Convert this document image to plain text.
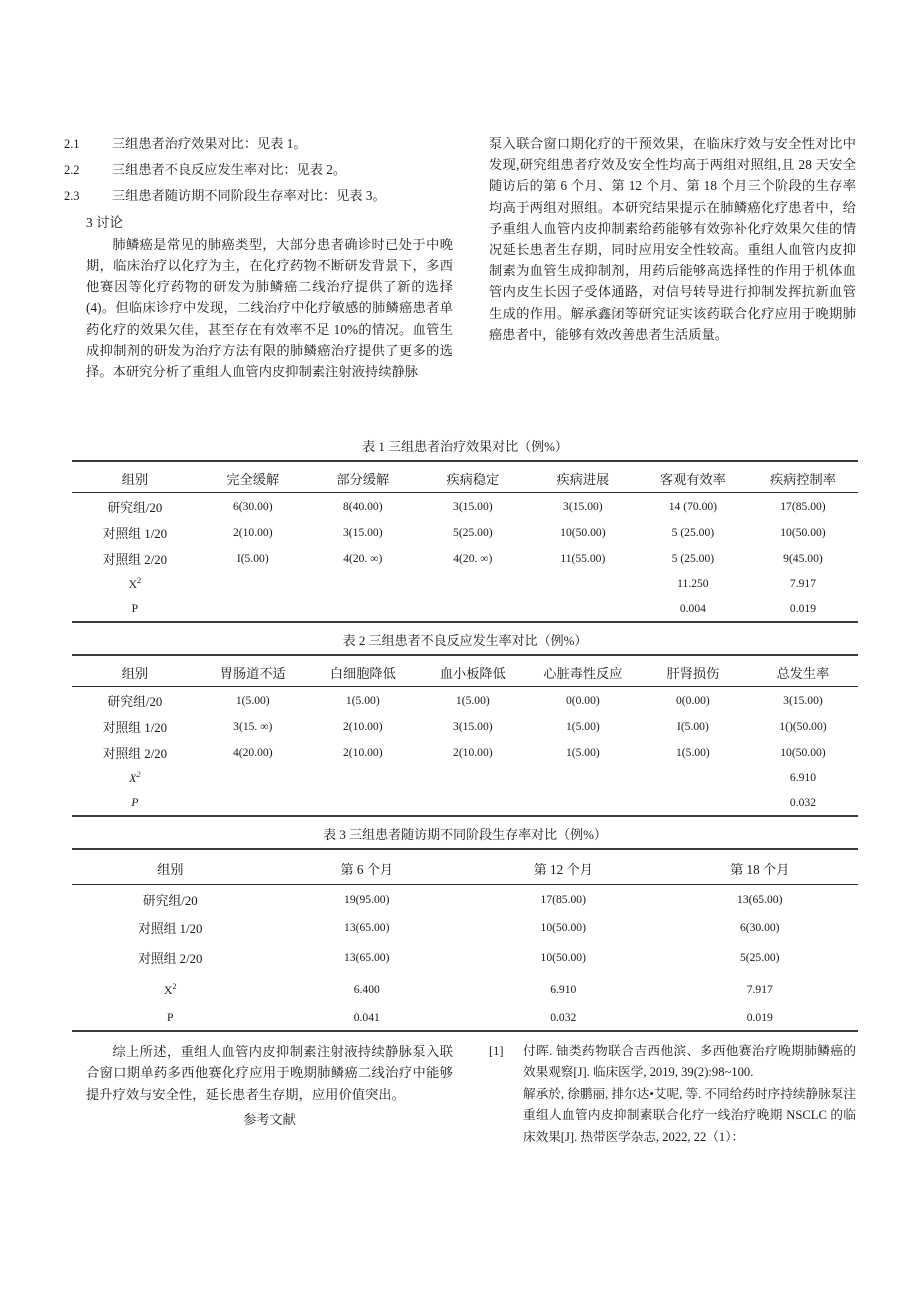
2.1 三组患者治疗效果对比：见表 1。
2.2 三组患者不良反应发生率对比：见表 2。
2.3 三组患者随访期不同阶段生存率对比：见表 3。
3 讨论

肺鳞癌是常见的肺癌类型，大部分患者确诊时已处于中晚期，临床治疗以化疗为主，在化疗药物不断研发背景下，多西他赛因等化疗药物的研发为肺鳞癌二线治疗提供了新的选择(4)。但临床诊疗中发现，二线治疗中化疗敏感的肺鳞癌患者单药化疗的效果欠佳，甚至存在有效率不足 10%的情况。血管生成抑制剂的研发为治疗方法有限的肺鳞癌治疗提供了更多的选择。本研究分析了重组人血管内皮抑制素注射液持续静脉

泵入联合窗口期化疗的干预效果，在临床疗效与安全性对比中发现,研究组患者疗效及安全性均高于两组对照组,且 28 天安全随访后的第 6 个月、第 12 个月、第 18 个月三个阶段的生存率均高于两组对照组。本研究结果提示在肺鳞癌化疗患者中，给予重组人血管内皮抑制素给药能够有效弥补化疗效果欠佳的情况延长患者生存期，同时应用安全性较高。重组人血管内皮抑制素为血管生成抑制剂，用药后能够高选择性的作用于机体血管内皮生长因子受体通路，对信号转导进行抑制发挥抗新血管生成的作用。解承鑫闭等研究证实该药联合化疗应用于晚期肺癌患者中，能够有效改善患者生活质量。

表 1 三组患者治疗效果对比（例%）

组别	完全缓解	部分缓解	疾病稳定	疾病进展	客观有效率	疾病控制率

研究组/20	6(30.00)	8(40.00)	3(15.00)	3(15.00)	14 (70.00)	17(85.00)
对照组 1/20	2(10.00)	3(15.00)	5(25.00)	10(50.00)	5 (25.00)	10(50.00)
对照组 2/20	I(5.00)	4(20. ∞)	4(20. ∞)	11(55.00)	5 (25.00)	9(45.00)
$X^2$					11.250	7.917
P					0.004	0.019

表 2 三组患者不良反应发生率对比（例%）

组别	胃肠道不适	白细胞降低	血小板降低	心脏毒性反应	肝肾损伤	总发生率

研究组/20	1(5.00)	1(5.00)	1(5.00)	0(0.00)	0(0.00)	3(15.00)
对照组 1/20	3(15. ∞)	2(10.00)	3(15.00)	1(5.00)	I(5.00)	1()(50.00)
对照组 2/20	4(20.00)	2(10.00)	2(10.00)	1(5.00)	1(5.00)	10(50.00)
$X^2$						6.910
P						0.032

表 3 三组患者随访期不同阶段生存率对比（例%）

组别	第 6 个月	第 12 个月	第 18 个月

研究组/20	19(95.00)	17(85.00)	13(65.00)
对照组 1/20	13(65.00)	10(50.00)	6(30.00)
对照组 2/20	13(65.00)	10(50.00)	5(25.00)
$X^2$	6.400	6.910	7.917
P	0.041	0.032	0.019

综上所述，重组人血管内皮抑制素注射液持续静脉泵入联合窗口期单药多西他赛化疗应用于晚期肺鳞癌二线治疗中能够提升疗效与安全性，延长患者生存期，应用价值突出。

参考文献
[1]	付晖. 铀类药物联合吉西他滨、多西他赛治疗晚期肺鳞癌的效果观察[J]. 临床医学, 2019, 39(2):98~100.
解承於, 徐鹏丽, 排尔达•艾呢, 等. 不同给药时序持续静脉泵注重组人血管内皮抑制素联合化疗一线治疗晚期 NSCLC 的临床效果[J]. 热带医学杂志, 2022, 22（1）：
